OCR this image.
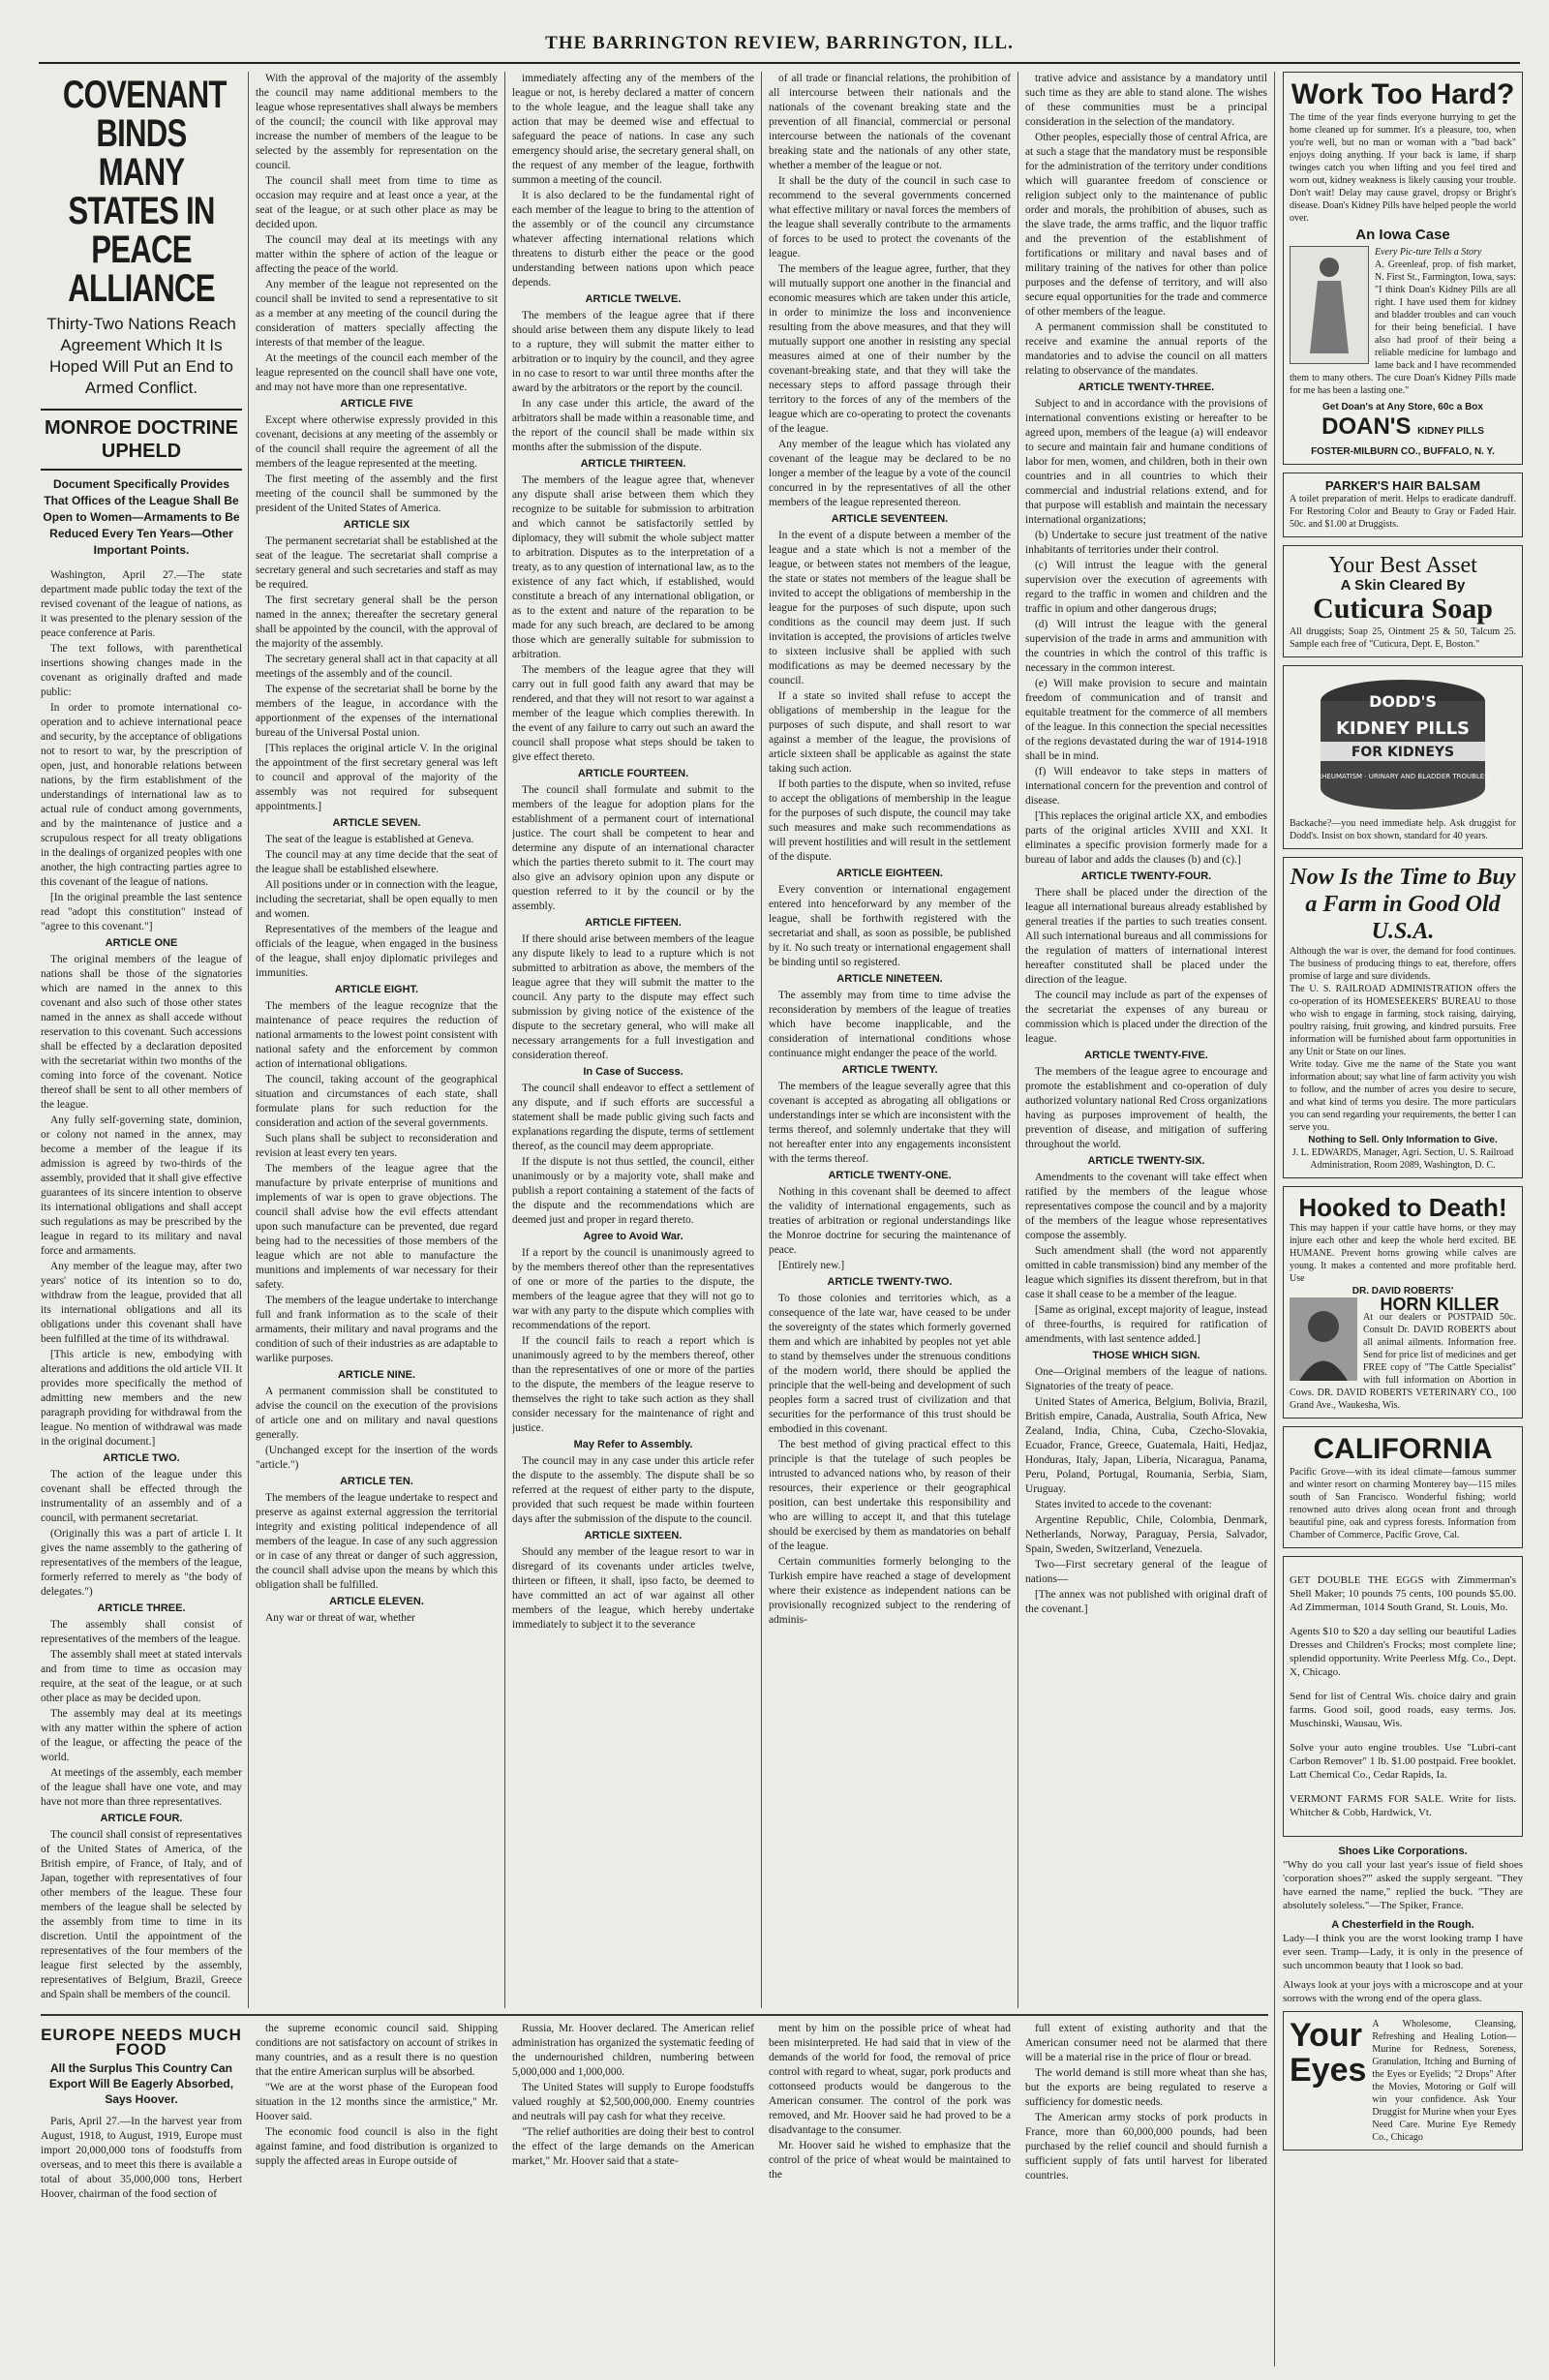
THE BARRINGTON REVIEW, BARRINGTON, ILL.
COVENANT BINDS MANY STATES IN PEACE ALLIANCE
Thirty-Two Nations Reach Agreement Which It Is Hoped Will Put an End to Armed Conflict.
MONROE DOCTRINE UPHELD
Document Specifically Provides That Offices of the League Shall Be Open to Women—Armaments to Be Reduced Every Ten Years—Other Important Points.

Washington, April 27.—The state department made public today the text of the revised covenant of the league of nations, as it was presented to the plenary session of the peace conference at Paris.

The text follows, with parenthetical insertions showing changes made in the covenant as originally drafted and made public:

In order to promote international co-operation and to achieve international peace and security, by the acceptance of obligations not to resort to war, by the prescription of open, just, and honorable relations between nations, by the firm establishment of the understandings of international law as to actual rule of conduct among governments, and by the maintenance of justice and a scrupulous respect for all treaty obligations in the dealings of organized peoples with one another, the high contracting parties agree to this covenant of the league of nations.

[In the original preamble the last sentence read "adopt this constitution" instead of "agree to this covenant."]

ARTICLE ONE

The original members of the league of nations shall be those of the signatories which are named in the annex to this covenant and also such of those other states named in the annex as shall accede without reservation to this covenant. Such accessions shall be effected by a declaration deposited with the secretariat within two months of the coming into force of the covenant. Notice thereof shall be sent to all other members of the league.

Any fully self-governing state, dominion, or colony not named in the annex, may become a member of the league if its admission is agreed by two-thirds of the assembly, provided that it shall give effective guarantees of its sincere intention to observe its international obligations and shall accept such regulations as may be prescribed by the league in regard to its military and naval force and armaments.

Any member of the league may, after two years' notice of its intention so to do, withdraw from the league, provided that all its international obligations and all its obligations under this covenant shall have been fulfilled at the time of its withdrawal.

[This article is new, embodying with alterations and additions the old article VII. It provides more specifically the method of admitting new members and the new paragraph providing for withdrawal from the league. No mention of withdrawal was made in the original document.]

ARTICLE TWO.

The action of the league under this covenant shall be effected through the instrumentality of an assembly and of a council, with permanent secretariat.

(Originally this was a part of article I. It gives the name assembly to the gathering of representatives of the members of the league, formerly referred to merely as "the body of delegates.")

ARTICLE THREE.

The assembly shall consist of representatives of the members of the league.

The assembly shall meet at stated intervals and from time to time as occasion may require, at the seat of the league, or at such other place as may be decided upon.

The assembly may deal at its meetings with any matter within the sphere of action of the league, or affecting the peace of the world.

At meetings of the assembly, each member of the league shall have one vote, and may have not more than three representatives.

ARTICLE FOUR.

The council shall consist of representatives of the United States of America, of the British empire, of France, of Italy, and of Japan, together with representatives of four other members of the league. These four members of the league shall be selected by the assembly from time to time in its discretion. Until the appointment of the representatives of the four members of the league first selected by the assembly, representatives of Belgium, Brazil, Greece and Spain shall be members of the council.

With the approval of the majority of the assembly the council may name additional members to the league whose representatives shall always be members of the council; the council with like approval may increase the number of members of the league to be selected by the assembly for representation on the council.

The council shall meet from time to time as occasion may require and at least once a year, at the seat of the league, or at such other place as may be decided upon.

The council may deal at its meetings with any matter within the sphere of action of the league or affecting the peace of the world.

Any member of the league not represented on the council shall be invited to send a representative to sit as a member at any meeting of the council during the consideration of matters specially affecting the interests of that member of the league.

At the meetings of the council each member of the league represented on the council shall have one vote, and may not have more than one representative.

ARTICLE FIVE

Except where otherwise expressly provided in this covenant, decisions at any meeting of the assembly or of the council shall require the agreement of all the members of the league represented at the meeting.

The first meeting of the assembly and the first meeting of the council shall be summoned by the president of the United States of America.

ARTICLE SIX

The permanent secretariat shall be established at the seat of the league. The secretariat shall comprise a secretary general and such secretaries and staff as may be required.

The first secretary general shall be the person named in the annex; thereafter the secretary general shall be appointed by the council, with the approval of the majority of the assembly.

The secretary general shall act in that capacity at all meetings of the assembly and of the council.

The expense of the secretariat shall be borne by the members of the league, in accordance with the apportionment of the expenses of the international bureau of the Universal Postal union.

[This replaces the original article V. In the original the appointment of the first secretary general was left to council and approval of the majority of the assembly was not required for subsequent appointments.]

ARTICLE SEVEN.

The seat of the league is established at Geneva.

The council may at any time decide that the seat of the league shall be established elsewhere.

All positions under or in connection with the league, including the secretariat, shall be open equally to men and women.

Representatives of the members of the league and officials of the league, when engaged in the business of the league, shall enjoy diplomatic privileges and immunities.

ARTICLE EIGHT.

The members of the league recognize that the maintenance of peace requires the reduction of national armaments to the lowest point consistent with national safety and the enforcement by common action of international obligations.

The council, taking account of the geographical situation and circumstances of each state, shall formulate plans for such reduction for the consideration and action of the several governments.

Such plans shall be subject to reconsideration and revision at least every ten years.

The members of the league agree that the manufacture by private enterprise of munitions and implements of war is open to grave objections. The council shall advise how the evil effects attendant upon such manufacture can be prevented, due regard being had to the necessities of those members of the league which are not able to manufacture the munitions and implements of war necessary for their safety.

The members of the league undertake to interchange full and frank information as to the scale of their armaments, their military and naval programs and the condition of such of their industries as are adaptable to warlike purposes.

ARTICLE NINE.

A permanent commission shall be constituted to advise the council on the execution of the provisions of article one and on military and naval questions generally.

(Unchanged except for the insertion of the words "article.")

ARTICLE TEN.

The members of the league undertake to respect and preserve as against external aggression the territorial integrity and existing political independence of all members of the league. In case of any such aggression or in case of any threat or danger of such aggression, the council shall advise upon the means by which this obligation shall be fulfilled.

ARTICLE ELEVEN.

Any war or threat of war, whether

immediately affecting any of the members of the league or not, is hereby declared a matter of concern to the whole league, and the league shall take any action that may be deemed wise and effectual to safeguard the peace of nations. In case any such emergency should arise, the secretary general shall, on the request of any member of the league, forthwith summon a meeting of the council.

It is also declared to be the fundamental right of each member of the league to bring to the attention of the assembly or of the council any circumstance whatever affecting international relations which threatens to disturb either the peace or the good understanding between nations upon which peace depends.

ARTICLE TWELVE.

The members of the league agree that if there should arise between them any dispute likely to lead to a rupture, they will submit the matter either to arbitration or to inquiry by the council, and they agree in no case to resort to war until three months after the award by the arbitrators or the report by the council.

In any case under this article, the award of the arbitrators shall be made within a reasonable time, and the report of the council shall be made within six months after the submission of the dispute.

ARTICLE THIRTEEN.

The members of the league agree that, whenever any dispute shall arise between them which they recognize to be suitable for submission to arbitration and which cannot be satisfactorily settled by diplomacy, they will submit the whole subject matter to arbitration. Disputes as to the interpretation of a treaty, as to any question of international law, as to the existence of any fact which, if established, would constitute a breach of any international obligation, or as to the extent and nature of the reparation to be made for any such breach, are declared to be among those which are generally suitable for submission to arbitration.

The members of the league agree that they will carry out in full good faith any award that may be rendered, and that they will not resort to war against a member of the league which complies therewith. In the event of any failure to carry out such an award the council shall propose what steps should be taken to give effect thereto.

ARTICLE FOURTEEN.

The council shall formulate and submit to the members of the league for adoption plans for the establishment of a permanent court of international justice. The court shall be competent to hear and determine any dispute of an international character which the parties thereto submit to it. The court may also give an advisory opinion upon any dispute or question referred to it by the council or by the assembly.

ARTICLE FIFTEEN.

If there should arise between members of the league any dispute likely to lead to a rupture which is not submitted to arbitration as above, the members of the league agree that they will submit the matter to the council. Any party to the dispute may effect such submission by giving notice of the existence of the dispute to the secretary general, who will make all necessary arrangements for a full investigation and consideration thereof.

In Case of Success.

The council shall endeavor to effect a settlement of any dispute, and if such efforts are successful a statement shall be made public giving such facts and explanations regarding the dispute, terms of settlement thereof, as the council may deem appropriate.

If the dispute is not thus settled, the council, either unanimously or by a majority vote, shall make and publish a report containing a statement of the facts of the dispute and the recommendations which are deemed just and proper in regard thereto.

Agree to Avoid War.

If a report by the council is unanimously agreed to by the members thereof other than the representatives of one or more of the parties to the dispute, the members of the league agree that they will not go to war with any party to the dispute which complies with recommendations of the report.

If the council fails to reach a report which is unanimously agreed to by the members thereof, other than the representatives of one or more of the parties to the dispute, the members of the league reserve to themselves the right to take such action as they shall consider necessary for the maintenance of right and justice.

May Refer to Assembly.

The council may in any case under this article refer the dispute to the assembly. The dispute shall be so referred at the request of either party to the dispute, provided that such request be made within fourteen days after the submission of the dispute to the council.

ARTICLE SIXTEEN.

Should any member of the league resort to war in disregard of its covenants under articles twelve, thirteen or fifteen, it shall, ipso facto, be deemed to have committed an act of war against all other members of the league, which hereby undertake immediately to subject it to the severance

of all trade or financial relations, the prohibition of all intercourse between their nationals and the nationals of the covenant breaking state and the prevention of all financial, commercial or personal intercourse between the nationals of the covenant breaking state and the nationals of any other state, whether a member of the league or not.

It shall be the duty of the council in such case to recommend to the several governments concerned what effective military or naval forces the members of the league shall severally contribute to the armaments of forces to be used to protect the covenants of the league.

The members of the league agree, further, that they will mutually support one another in the financial and economic measures which are taken under this article, in order to minimize the loss and inconvenience resulting from the above measures, and that they will mutually support one another in resisting any special measures aimed at one of their number by the covenant-breaking state, and that they will take the necessary steps to afford passage through their territory to the forces of any of the members of the league which are co-operating to protect the covenants of the league.

Any member of the league which has violated any covenant of the league may be declared to be no longer a member of the league by a vote of the council concurred in by the representatives of all the other members of the league represented thereon.

ARTICLE SEVENTEEN.

In the event of a dispute between a member of the league and a state which is not a member of the league, or between states not members of the league, the state or states not members of the league shall be invited to accept the obligations of membership in the league for the purposes of such dispute, upon such conditions as the council may deem just. If such invitation is accepted, the provisions of articles twelve to sixteen inclusive shall be applied with such modifications as may be deemed necessary by the council.

If a state so invited shall refuse to accept the obligations of membership in the league for the purposes of such dispute, and shall resort to war against a member of the league, the provisions of article sixteen shall be applicable as against the state taking such action.

If both parties to the dispute, when so invited, refuse to accept the obligations of membership in the league for the purposes of such dispute, the council may take such measures and make such recommendations as will prevent hostilities and will result in the settlement of the dispute.

ARTICLE EIGHTEEN.

Every convention or international engagement entered into henceforward by any member of the league, shall be forthwith registered with the secretariat and shall, as soon as possible, be published by it. No such treaty or international engagement shall be binding until so registered.

ARTICLE NINETEEN.

The assembly may from time to time advise the reconsideration by members of the league of treaties which have become inapplicable, and the consideration of international conditions whose continuance might endanger the peace of the world.

ARTICLE TWENTY.

The members of the league severally agree that this covenant is accepted as abrogating all obligations or understandings inter se which are inconsistent with the terms thereof, and solemnly undertake that they will not hereafter enter into any engagements inconsistent with the terms thereof.

ARTICLE TWENTY-ONE.

Nothing in this covenant shall be deemed to affect the validity of international engagements, such as treaties of arbitration or regional understandings like the Monroe doctrine for securing the maintenance of peace.

[Entirely new.]

ARTICLE TWENTY-TWO.

To those colonies and territories which, as a consequence of the late war, have ceased to be under the sovereignty of the states which formerly governed them and which are inhabited by peoples not yet able to stand by themselves under the strenuous conditions of the modern world, there should be applied the principle that the well-being and development of such peoples form a sacred trust of civilization and that securities for the performance of this trust should be embodied in this covenant.

The best method of giving practical effect to this principle is that the tutelage of such peoples be intrusted to advanced nations who, by reason of their resources, their experience or their geographical position, can best undertake this responsibility and who are willing to accept it, and that this tutelage should be exercised by them as mandatories on behalf of the league.

Certain communities formerly belonging to the Turkish empire have reached a stage of development where their existence as independent nations can be provisionally recognized subject to the rendering of adminis-

trative advice and assistance by a mandatory until such time as they are able to stand alone. The wishes of these communities must be a principal consideration in the selection of the mandatory.

Other peoples, especially those of central Africa, are at such a stage that the mandatory must be responsible for the administration of the territory under conditions which will guarantee freedom of conscience or religion subject only to the maintenance of public order and morals, the prohibition of abuses, such as the slave trade, the arms traffic, and the liquor traffic and the prevention of the establishment of fortifications or military and naval bases and of military training of the natives for other than police purposes and the defense of territory, and will also secure equal opportunities for the trade and commerce of other members of the league.

A permanent commission shall be constituted to receive and examine the annual reports of the mandatories and to advise the council on all matters relating to observance of the mandates.

ARTICLE TWENTY-THREE.

Subject to and in accordance with the provisions of international conventions existing or hereafter to be agreed upon, members of the league (a) will endeavor to secure and maintain fair and humane conditions of labor for men, women, and children, both in their own countries and in all countries to which their commercial and industrial relations extend, and for that purpose will establish and maintain the necessary international organizations;

(b) Undertake to secure just treatment of the native inhabitants of territories under their control.

(c) Will intrust the league with the general supervision over the execution of agreements with regard to the traffic in women and children and the traffic in opium and other dangerous drugs;

(d) Will intrust the league with the general supervision of the trade in arms and ammunition with the countries in which the control of this traffic is necessary in the common interest.

(e) Will make provision to secure and maintain freedom of communication and of transit and equitable treatment for the commerce of all members of the league. In this connection the special necessities of the regions devastated during the war of 1914-1918 shall be in mind.

(f) Will endeavor to take steps in matters of international concern for the prevention and control of disease.

[This replaces the original article XX, and embodies parts of the original articles XVIII and XXI. It eliminates a specific provision formerly made for a bureau of labor and adds the clauses (b) and (c).]

ARTICLE TWENTY-FOUR.

There shall be placed under the direction of the league all international bureaus already established by general treaties if the parties to such treaties consent. All such international bureaus and all commissions for the regulation of matters of international interest hereafter constituted shall be placed under the direction of the league.

The council may include as part of the expenses of the secretariat the expenses of any bureau or commission which is placed under the direction of the league.

ARTICLE TWENTY-FIVE.

The members of the league agree to encourage and promote the establishment and co-operation of duly authorized voluntary national Red Cross organizations having as purposes improvement of health, the prevention of disease, and mitigation of suffering throughout the world.

ARTICLE TWENTY-SIX.

Amendments to the covenant will take effect when ratified by the members of the league whose representatives compose the council and by a majority of the members of the league whose representatives compose the assembly.

Such amendment shall (the word not apparently omitted in cable transmission) bind any member of the league which signifies its dissent therefrom, but in that case it shall cease to be a member of the league.

[Same as original, except majority of league, instead of three-fourths, is required for ratification of amendments, with last sentence added.]

THOSE WHICH SIGN.

One—Original members of the league of nations. Signatories of the treaty of peace.

United States of America, Belgium, Bolivia, Brazil, British empire, Canada, Australia, South Africa, New Zealand, India, China, Cuba, Czecho-Slovakia, Ecuador, France, Greece, Guatemala, Haiti, Hedjaz, Honduras, Italy, Japan, Liberia, Nicaragua, Panama, Peru, Poland, Portugal, Roumania, Serbia, Siam, Uruguay.

States invited to accede to the covenant:

Argentine Republic, Chile, Colombia, Denmark, Netherlands, Norway, Paraguay, Persia, Salvador, Spain, Sweden, Switzerland, Venezuela.

Two—First secretary general of the league of nations—

[The annex was not published with original draft of the covenant.]

EUROPE NEEDS MUCH FOOD
All the Surplus This Country Can Export Will Be Eagerly Absorbed, Says Hoover.

Paris, April 27.—In the harvest year from August, 1918, to August, 1919, Europe must import 20,000,000 tons of foodstuffs from overseas, and to meet this there is available a total of about 35,000,000 tons, Herbert Hoover, chairman of the food section of

the supreme economic council said. Shipping conditions are not satisfactory on account of strikes in many countries, and as a result there is no question that the entire American surplus will be absorbed.

"We are at the worst phase of the European food situation in the 12 months since the armistice," Mr. Hoover said.

The economic food council is also in the fight against famine, and food distribution is organized to supply the affected areas in Europe outside of

Russia, Mr. Hoover declared. The American relief administration has organized the systematic feeding of the undernourished children, numbering between 5,000,000 and 1,000,000.

The United States will supply to Europe foodstuffs valued roughly at $2,500,000,000. Enemy countries and neutrals will pay cash for what they receive.

"The relief authorities are doing their best to control the effect of the large demands on the American market," Mr. Hoover said that a state-

ment by him on the possible price of wheat had been misinterpreted. He had said that in view of the demands of the world for food, the removal of price control with regard to wheat, sugar, pork products and cottonseed products would be dangerous to the American consumer. The control of the pork was removed, and Mr. Hoover said he had proved to be a disadvantage to the consumer.

Mr. Hoover said he wished to emphasize that the control of the price of wheat would be maintained to the

full extent of existing authority and that the American consumer need not be alarmed that there will be a material rise in the price of flour or bread.

The world demand is still more wheat than she has, but the exports are being regulated to reserve a sufficiency for domestic needs.

The American army stocks of pork products in France, more than 60,000,000 pounds, had been purchased by the relief council and should furnish a sufficient supply of fats until harvest for liberated countries.

Work Too Hard?
The time of the year finds everyone hurrying to get the home cleaned up for summer. It's a pleasure, too, when you're well, but no man or woman with a "bad back" enjoys doing anything. If your back is lame, if sharp twinges catch you when lifting and you feel tired and worn out, kidney weakness is likely causing your trouble. Don't wait! Delay may cause gravel, dropsy or Bright's disease. Doan's Kidney Pills have helped people the world over.
An Iowa Case
Every Pic-ture Tells a Story
A. Greenleaf, prop. of fish market, N. First St., Farmington, Iowa, says: "I think Doan's Kidney Pills are all right. I have used them for kidney and bladder troubles and can vouch for their being beneficial. I have also had proof of their being a reliable medicine for lumbago and lame back and I have recommended them to many others. The cure Doan's Kidney Pills made for me has been a lasting one."
Get Doan's at Any Store, 60c a Box
DOAN'S KIDNEY PILLS
FOSTER-MILBURN CO., BUFFALO, N. Y.
PARKER'S HAIR BALSAM
A toilet preparation of merit. Helps to eradicate dandruff. For Restoring Color and Beauty to Gray or Faded Hair. 50c. and $1.00 at Druggists.
Your Best Asset
A Skin Cleared By
Cuticura Soap
All druggists; Soap 25, Ointment 25 & 50, Talcum 25. Sample each free of "Cuticura, Dept. E, Boston."
DODD'S
KIDNEY PILLS
FOR KIDNEYS
RHEUMATISM · URINARY AND BLADDER TROUBLES
Backache?—you need immediate help. Ask druggist for Dodd's. Insist on box shown, standard for 40 years.
Now Is the Time to Buy a Farm in Good Old U.S.A.
Although the war is over, the demand for food continues. The business of producing things to eat, therefore, offers promise of large and sure dividends.
The U. S. RAILROAD ADMINISTRATION offers the co-operation of its HOMESEEKERS' BUREAU to those who wish to engage in farming, stock raising, dairying, poultry raising, fruit growing, and kindred pursuits. Free information will be furnished about farm opportunities in any Unit or State on our lines.
Write today. Give me the name of the State you want information about; say what line of farm activity you wish to follow, and the number of acres you desire to secure, and what kind of terms you desire. The more particulars you can send regarding your requirements, the better I can serve you.
Nothing to Sell. Only Information to Give.
J. L. EDWARDS, Manager, Agri. Section, U. S. Railroad Administration, Room 2089, Washington, D. C.
Hooked to Death!
This may happen if your cattle have horns, or they may injure each other and keep the whole herd excited. BE HUMANE. Prevent horns growing while calves are young. It makes a contented and more profitable herd. Use
DR. DAVID ROBERTS'
HORN KILLER
At our dealers or POSTPAID 50c. Consult Dr. DAVID ROBERTS about all animal ailments. Information free. Send for price list of medicines and get FREE copy of "The Cattle Specialist" with full information on Abortion in Cows. DR. DAVID ROBERTS VETERINARY CO., 100 Grand Ave., Waukesha, Wis.
CALIFORNIA
Pacific Grove—with its ideal climate—famous summer and winter resort on charming Monterey bay—115 miles south of San Francisco. Wonderful fishing; world renowned auto drives along ocean front and through beautiful pine, oak and cypress forests. Information from Chamber of Commerce, Pacific Grove, Cal.

GET DOUBLE THE EGGS with Zimmerman's Shell Maker; 10 pounds 75 cents, 100 pounds $5.00. Ad Zimmerman, 1014 South Grand, St. Louis, Mo.

Agents $10 to $20 a day selling our beautiful Ladies Dresses and Children's Frocks; most complete line; splendid opportunity. Write Peerless Mfg. Co., Dept. X, Chicago.

Send for list of Central Wis. choice dairy and grain farms. Good soil, good roads, easy terms. Jos. Muschinski, Wausau, Wis.

Solve your auto engine troubles. Use "Lubri-cant Carbon Remover" 1 lb. $1.00 postpaid. Free booklet. Latt Chemical Co., Cedar Rapids, Ia.

VERMONT FARMS FOR SALE. Write for lists. Whitcher & Cobb, Hardwick, Vt.

Shoes Like Corporations.
"Why do you call your last year's issue of field shoes 'corporation shoes?'" asked the supply sergeant. "They have earned the name," replied the buck. "They are absolutely soleless."—The Spiker, France.
A Chesterfield in the Rough.
Lady—I think you are the worst looking tramp I have ever seen. Tramp—Lady, it is only in the presence of such uncommon beauty that I look so bad.
Always look at your joys with a microscope and at your sorrows with the wrong end of the opera glass.
Your
Eyes
A Wholesome, Cleansing, Refreshing and Healing Lotion—Murine for Redness, Soreness, Granulation, Itching and Burning of the Eyes or Eyelids; "2 Drops" After the Movies, Motoring or Golf will win your confidence. Ask Your Druggist for Murine when your Eyes Need Care. Murine Eye Remedy Co., Chicago
